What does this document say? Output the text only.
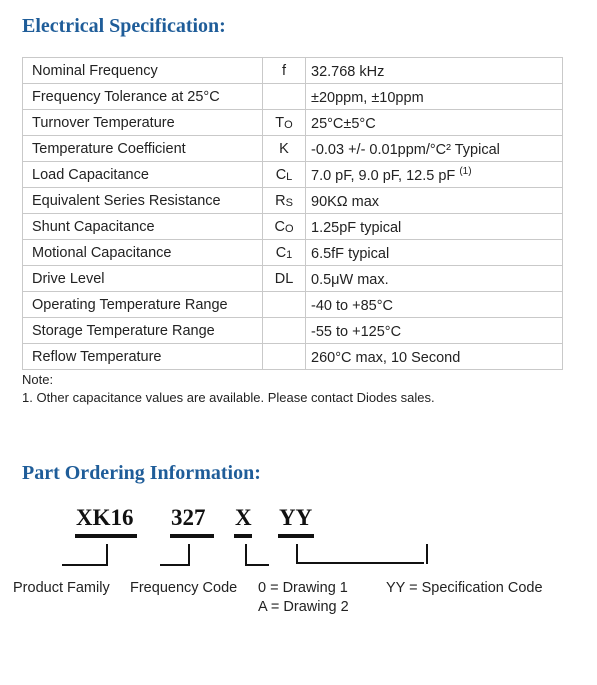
Electrical Specification:
Nominal Frequency	f	32.768 kHz
Frequency Tolerance at 25°C		±20ppm, ±10ppm
Turnover Temperature	TO	25°C±5°C
Temperature Coefficient	K	-0.03 +/- 0.01ppm/°C² Typical
Load Capacitance	CL	7.0 pF, 9.0 pF, 12.5 pF $^{(1)}$
Equivalent Series Resistance	RS	90KΩ max
Shunt Capacitance	CO	1.25pF typical
Motional Capacitance	C1	6.5fF typical
Drive Level	DL	0.5μW max.
Operating Temperature Range		-40 to +85°C
Storage Temperature Range		-55 to +125°C
Reflow Temperature		260°C max, 10 Second
Note:
1. Other capacitance values are available. Please contact Diodes sales.
Part Ordering Information:
XK16 327 X YY
Product Family Frequency Code 0 = Drawing 1
A = Drawing 2
YY = Specification Code
